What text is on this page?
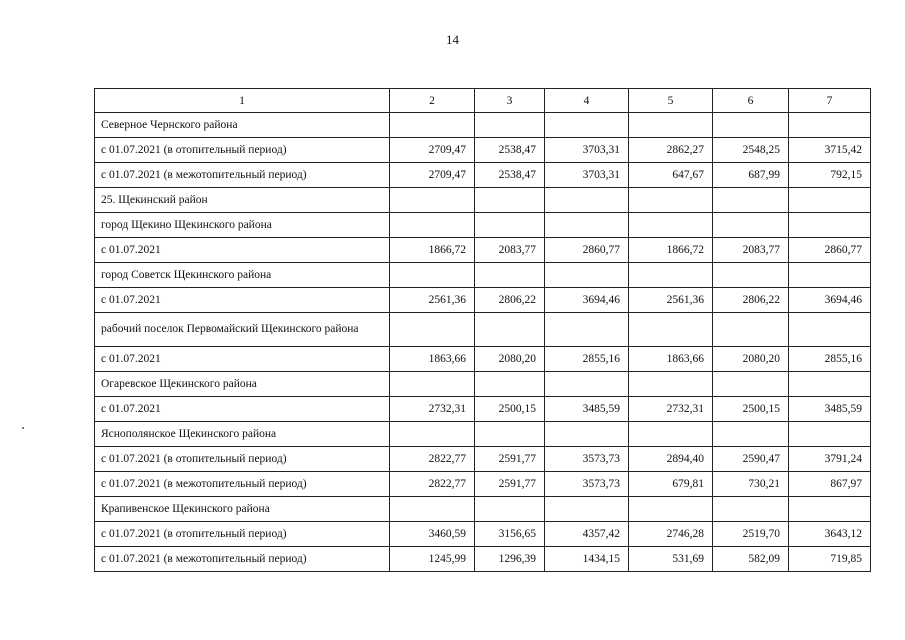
14
1	2	3	4	5	6	7
Северное Чернского района						
с 01.07.2021 (в отопительный период)	2709,47	2538,47	3703,31	2862,27	2548,25	3715,42
с 01.07.2021 (в межотопительный период)	2709,47	2538,47	3703,31	647,67	687,99	792,15
25. Щекинский район						
город Щекино Щекинского района						
с 01.07.2021	1866,72	2083,77	2860,77	1866,72	2083,77	2860,77
город Советск Щекинского района						
с 01.07.2021	2561,36	2806,22	3694,46	2561,36	2806,22	3694,46
рабочий поселок Первомайский Щекинского района						
с 01.07.2021	1863,66	2080,20	2855,16	1863,66	2080,20	2855,16
Огаревское Щекинского района						
с 01.07.2021	2732,31	2500,15	3485,59	2732,31	2500,15	3485,59
Яснополянское Щекинского района						
с 01.07.2021 (в отопительный период)	2822,77	2591,77	3573,73	2894,40	2590,47	3791,24
с 01.07.2021 (в межотопительный период)	2822,77	2591,77	3573,73	679,81	730,21	867,97
Крапивенское Щекинского района						
с 01.07.2021 (в отопительный период)	3460,59	3156,65	4357,42	2746,28	2519,70	3643,12
с 01.07.2021 (в межотопительный период)	1245,99	1296,39	1434,15	531,69	582,09	719,85
